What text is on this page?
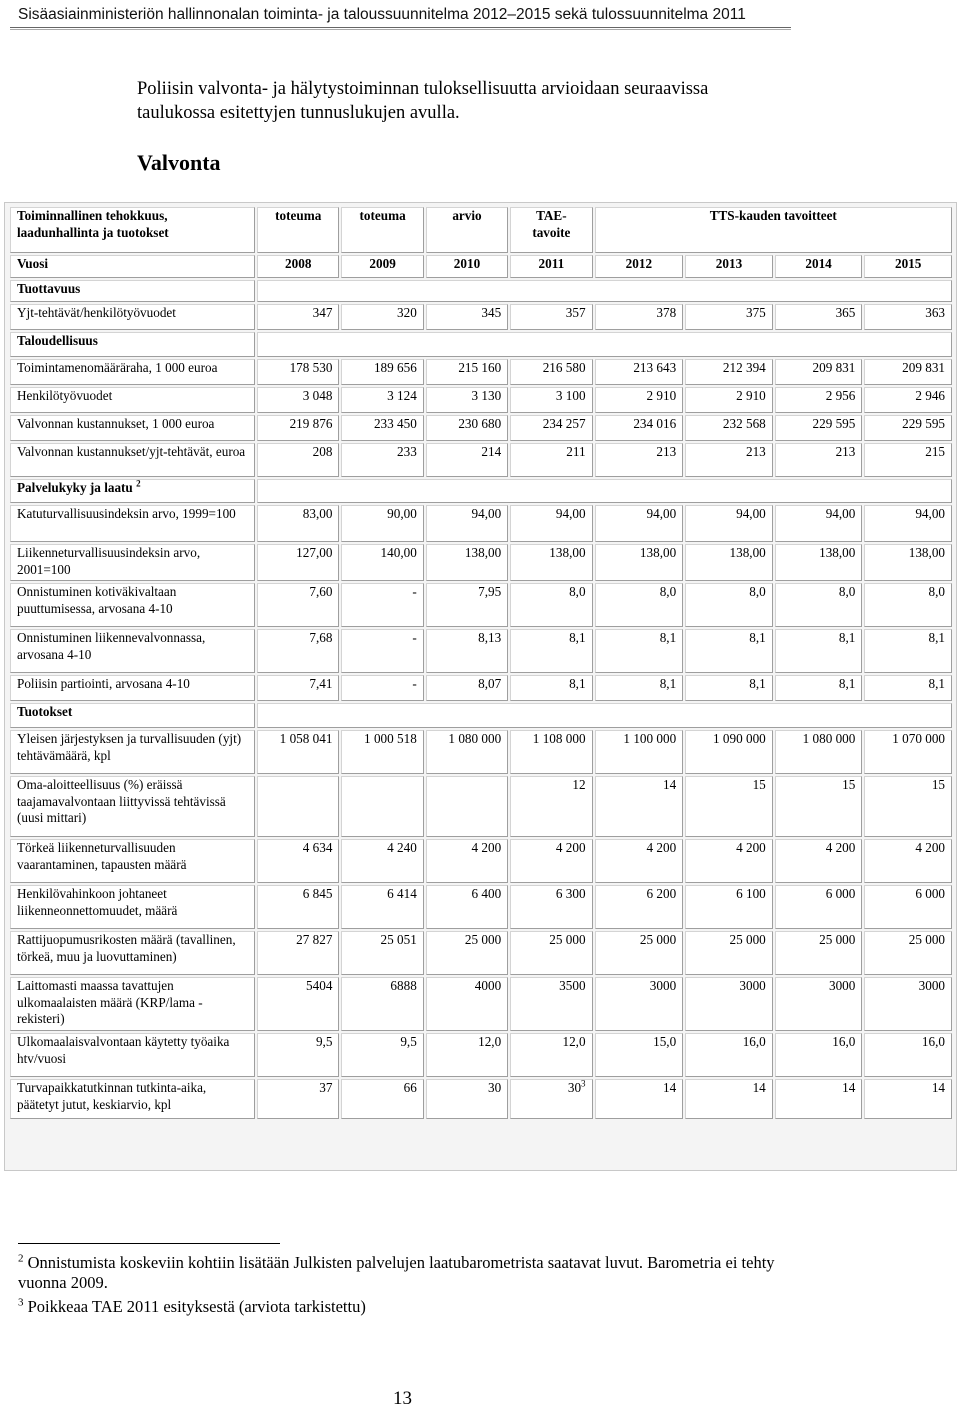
Sisäasiainministeriön hallinnonalan toiminta- ja taloussuunnitelma 2012–2015 sekä tulossuunnitelma 2011
Poliisin valvonta- ja hälytystoiminnan tuloksellisuutta arvioidaan seuraavissa taulukossa esitettyjen tunnuslukujen avulla.
Valvonta
Toiminnallinen tehokkuus, laadunhallinta ja tuotokset	toteuma	toteuma	arvio	TAE-tavoite	TTS-kauden tavoitteet			
Vuosi	2008	2009	2010	2011	2012	2013	2014	2015
Tuottavuus								
Yjt-tehtävät/henkilötyövuodet	347	320	345	357	378	375	365	363
Taloudellisuus								
Toimintamenomääräraha, 1 000 euroa	178 530	189 656	215 160	216 580	213 643	212 394	209 831	209 831
Henkilötyövuodet	3 048	3 124	3 130	3 100	2 910	2 910	2 956	2 946
Valvonnan kustannukset, 1 000 euroa	219 876	233 450	230 680	234 257	234 016	232 568	229 595	229 595
Valvonnan kustannukset/yjt-tehtävät, euroa	208	233	214	211	213	213	213	215
Palvelukyky ja laatu $^2$	
Katuturvallisuusindeksin arvo, 1999=100	83,00	90,00	94,00	94,00	94,00	94,00	94,00	94,00
Liikenneturvallisuusindeksin arvo, 2001=100	127,00	140,00	138,00	138,00	138,00	138,00	138,00	138,00
Onnistuminen kotiväkivaltaan puuttumisessa, arvosana 4-10	7,60	-	7,95	8,0	8,0	8,0	8,0	8,0
Onnistuminen liikennevalvonnassa, arvosana 4-10	7,68	-	8,13	8,1	8,1	8,1	8,1	8,1
Poliisin partiointi, arvosana 4-10	7,41	-	8,07	8,1	8,1	8,1	8,1	8,1
Tuotokset								
Yleisen järjestyksen ja turvallisuuden (yjt) tehtävämäärä, kpl	1 058 041	1 000 518	1 080 000	1 108 000	1 100 000	1 090 000	1 080 000	1 070 000
Oma-aloitteellisuus (%) eräissä taajamavalvontaan liittyvissä tehtävissä (uusi mittari)				12	14	15	15	15
Törkeä liikenneturvallisuuden vaarantaminen, tapausten määrä	4 634	4 240	4 200	4 200	4 200	4 200	4 200	4 200
Henkilövahinkoon johtaneet liikenneonnettomuudet, määrä	6 845	6 414	6 400	6 300	6 200	6 100	6 000	6 000
Rattijuopumusrikosten määrä (tavallinen, törkeä, muu ja luovuttaminen)	27 827	25 051	25 000	25 000	25 000	25 000	25 000	25 000
Laittomasti maassa tavattujen ulkomaalaisten määrä (KRP/lama - rekisteri)	5404	6888	4000	3500	3000	3000	3000	3000
Ulkomaalaisvalvontaan käytetty työaika htv/vuosi	9,5	9,5	12,0	12,0	15,0	16,0	16,0	16,0
Turvapaikkatutkinnan tutkinta-aika, päätetyt jutut, keskiarvio, kpl	37	66	30	$30^3$	14	14	14	14
$^2$ Onnistumista koskeviin kohtiin lisätään Julkisten palvelujen laatubarometrista saatavat luvut. Barometria ei tehty vuonna 2009.
$^3$ Poikkeaa TAE 2011 esityksestä (arviota tarkistettu)
13
